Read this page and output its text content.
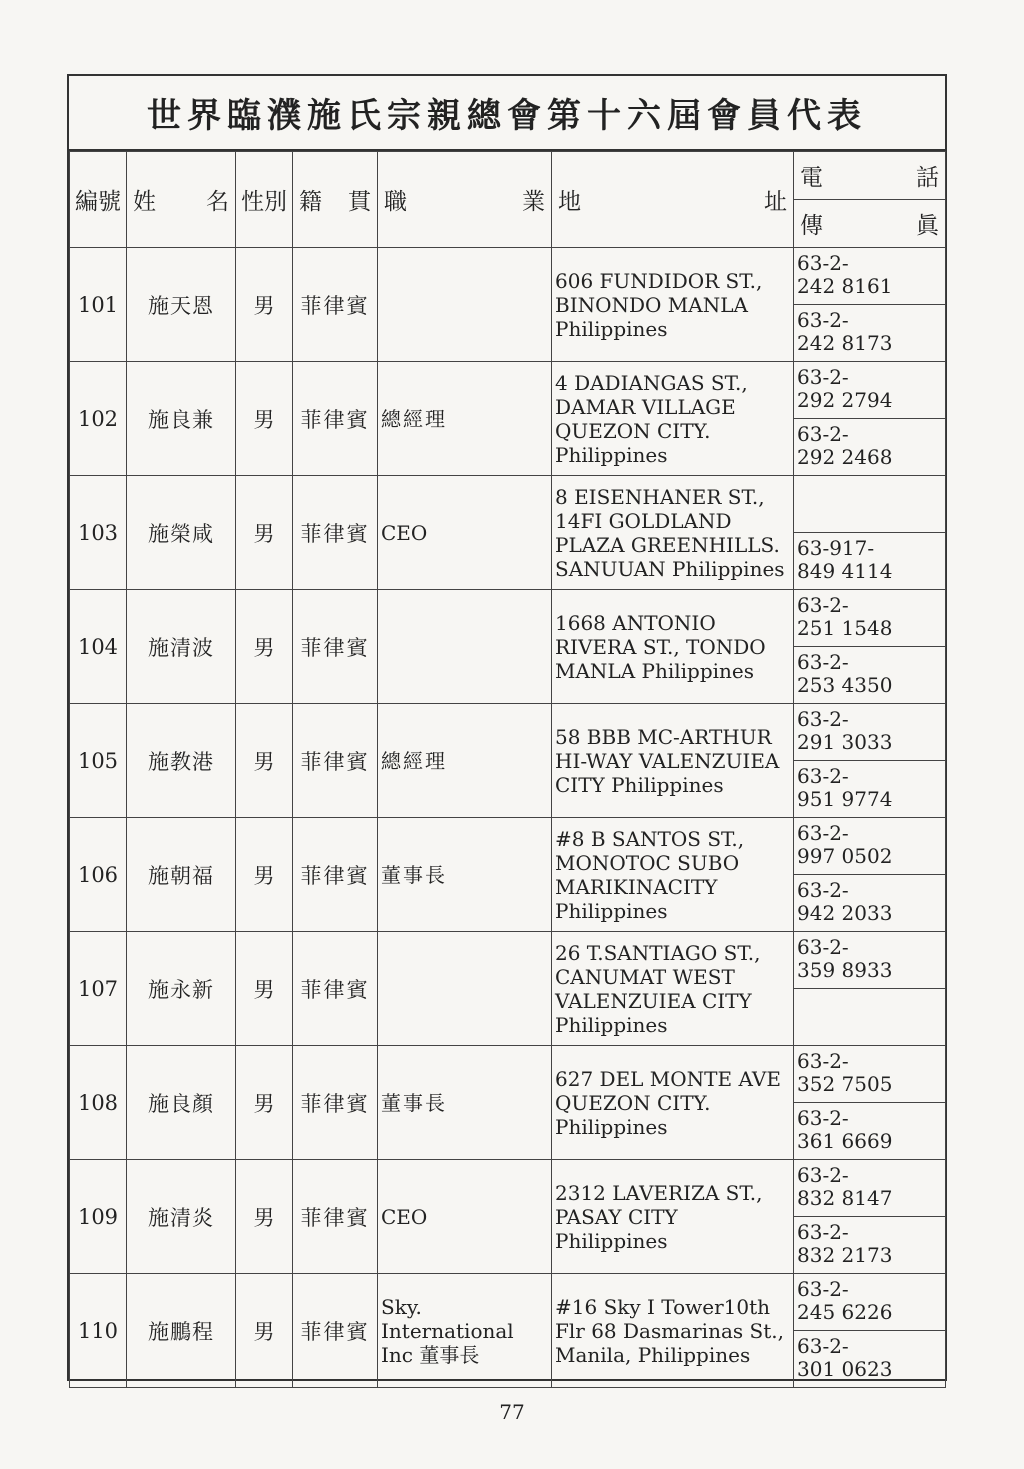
世界臨濮施氏宗親總會第十六屆會員代表
編號	姓 名	性別	籍 貫	職 業	地 址	電 話

						傳 眞

101	施天恩	男	菲律賓		606 FUNDIDOR ST., BINONDO MANLA Philippines	63-2-
242 8161
						63-2-
242 8173
102	施良兼	男	菲律賓	總經理	4 DADIANGAS ST., DAMAR VILLAGE QUEZON CITY. Philippines	63-2-
292 2794
						63-2-
292 2468
103	施榮咸	男	菲律賓	CEO	8 EISENHANER ST., 14FI GOLDLAND PLAZA GREENHILLS. SANUUAN Philippines	
						63-917-
849 4114
104	施清波	男	菲律賓		1668 ANTONIO RIVERA ST., TONDO MANLA Philippines	63-2-
251 1548
						63-2-
253 4350
105	施教港	男	菲律賓	總經理	58 BBB MC-ARTHUR HI-WAY VALENZUIEA CITY Philippines	63-2-
291 3033
						63-2-
951 9774
106	施朝福	男	菲律賓	董事長	#8 B SANTOS ST., MONOTOC SUBO MARIKINACITY Philippines	63-2-
997 0502
						63-2-
942 2033
107	施永新	男	菲律賓		26 T.SANTIAGO ST., CANUMAT WEST VALENZUIEA CITY Philippines	63-2-
359 8933

108	施良顏	男	菲律賓	董事長	627 DEL MONTE AVE QUEZON CITY. Philippines	63-2-
352 7505
						63-2-
361 6669
109	施清炎	男	菲律賓	CEO	2312 LAVERIZA ST., PASAY CITY Philippines	63-2-
832 8147
						63-2-
832 2173
110	施鵬程	男	菲律賓	Sky. International Inc 董事長	#16 Sky I Tower10th Flr 68 Dasmarinas St., Manila, Philippines	63-2-
245 6226
						63-2-
301 0623
77
